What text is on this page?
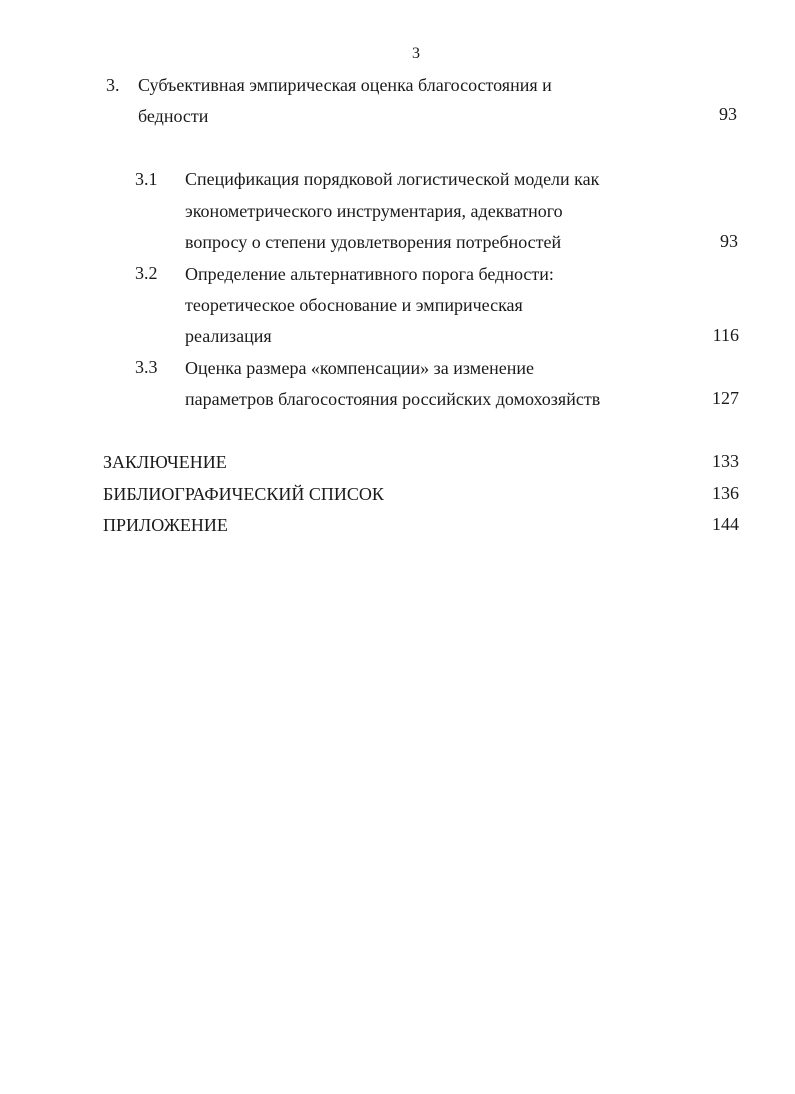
3
3. Субъективная эмпирическая оценка благосостояния и
бедности	93
3.1 Спецификация порядковой логистической модели как
эконометрического инструментария, адекватного
вопросу о степени удовлетворения потребностей	93
3.2 Определение альтернативного порога бедности:
теоретическое обоснование и эмпирическая
реализация	116
3.3 Оценка размера «компенсации» за изменение
параметров благосостояния российских домохозяйств	127
ЗАКЛЮЧЕНИЕ	133
БИБЛИОГРАФИЧЕСКИЙ СПИСОК	136
ПРИЛОЖЕНИЕ	144
